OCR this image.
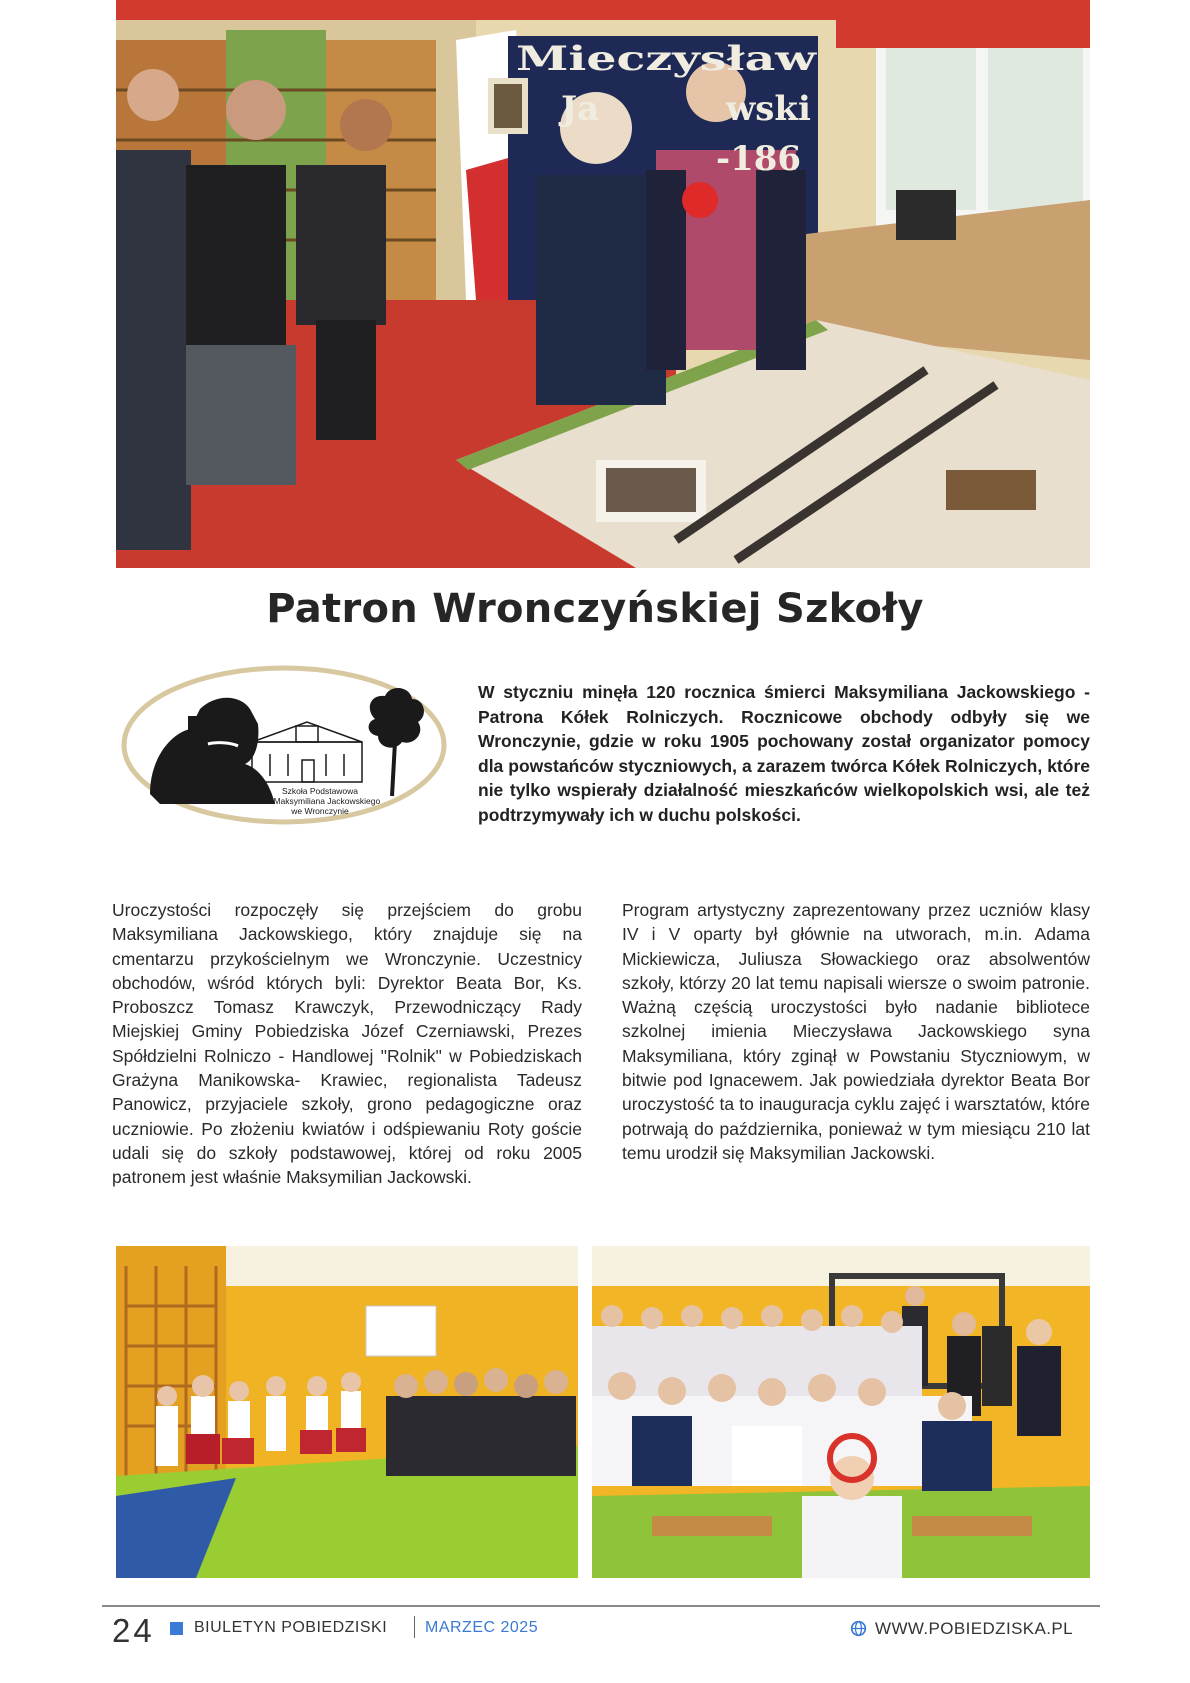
Mieczysław
Ja	wski
-186
Patron Wronczyńskiej Szkoły
Szkoła Podstawowa
im. Maksymiliana Jackowskiego
we Wronczynie
W styczniu minęła 120 rocznica śmierci Maksymiliana Jackowskiego - Patrona Kółek Rolniczych. Rocznicowe obchody odbyły się we Wronczynie, gdzie w roku 1905 pochowany został organizator pomocy dla powstańców styczniowych, a zarazem twórca Kółek Rolniczych, które nie tylko wspierały działalność mieszkańców wielkopolskich wsi, ale też podtrzymywały ich w duchu polskości.
Uroczystości rozpoczęły się przejściem do grobu Maksymiliana Jackowskiego, który znajduje się na cmentarzu przykościelnym we Wronczynie. Uczestnicy obchodów, wśród których byli: Dyrektor Beata Bor, Ks. Proboszcz Tomasz Krawczyk, Przewodniczący Rady Miejskiej Gminy Pobiedziska Józef Czerniawski, Prezes Spółdzielni Rolniczo - Handlowej "Rolnik" w Pobiedziskach Grażyna Manikowska- Krawiec, regionalista Tadeusz Panowicz, przyjaciele szkoły, grono pedagogiczne oraz uczniowie. Po złożeniu kwiatów i odśpiewaniu Roty goście udali się do szkoły podstawowej, której od roku 2005 patronem jest właśnie Maksymilian Jackowski.
Program artystyczny zaprezentowany przez uczniów klasy IV i V oparty był głównie na utworach, m.in. Adama Mickiewicza, Juliusza Słowackiego oraz absolwentów szkoły, którzy 20 lat temu napisali wiersze o swoim patronie. Ważną częścią uroczystości było nadanie bibliotece szkolnej imienia Mieczysława Jackowskiego syna Maksymiliana, który zginął w Powstaniu Styczniowym, w bitwie pod Ignacewem. Jak powiedziała dyrektor Beata Bor uroczystość ta to inauguracja cyklu zajęć i warsztatów, które potrwają do października, ponieważ w tym miesiącu 210 lat temu urodził się Maksymilian Jackowski.
24 BIULETYN POBIEDZISKI MARZEC 2025	WWW.POBIEDZISKA.PL
